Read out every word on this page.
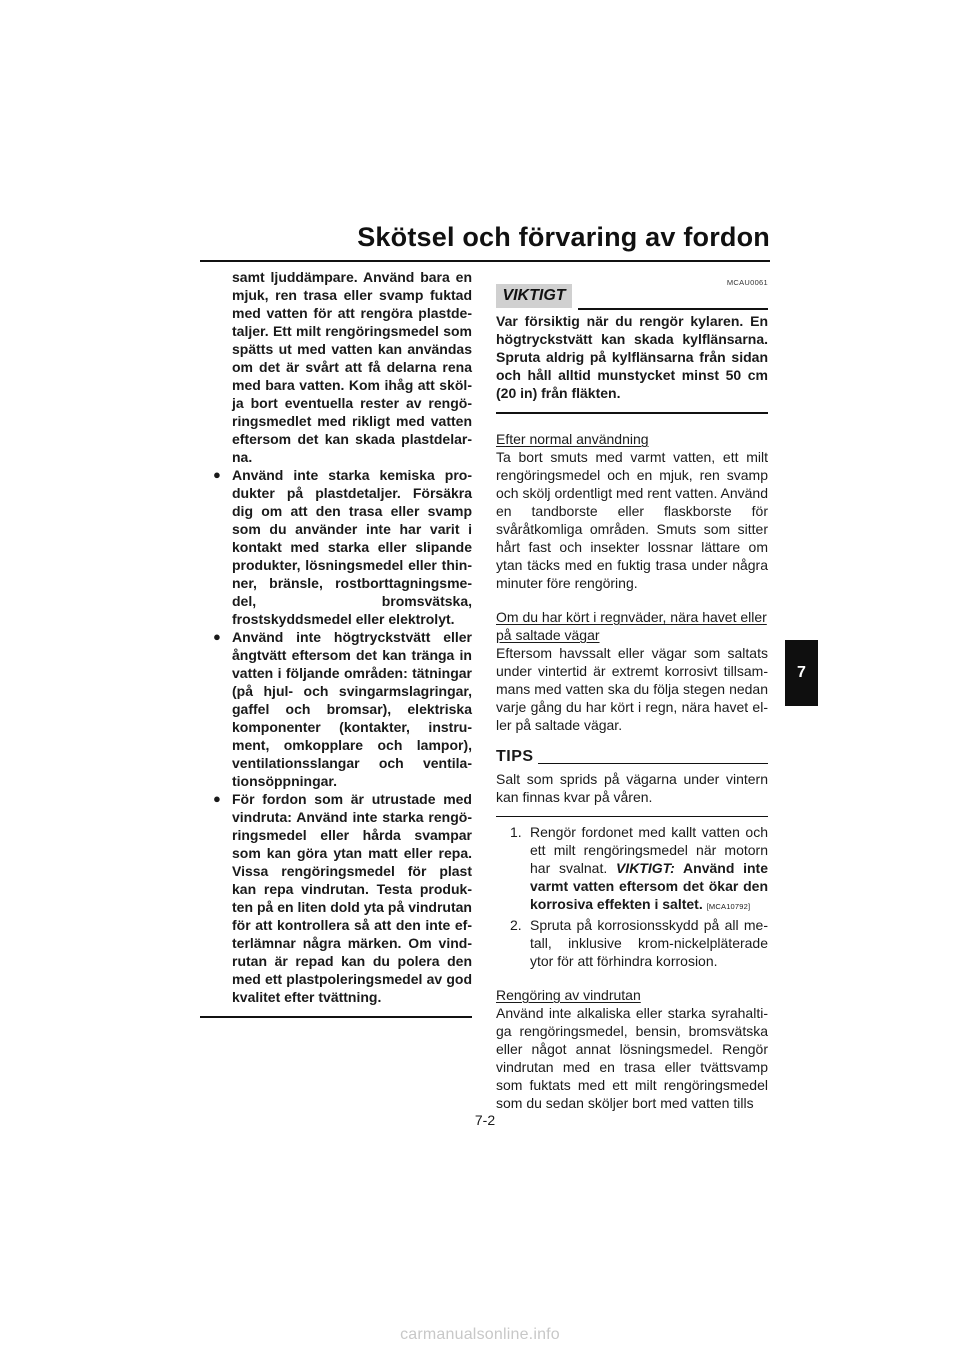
Skötsel och förvaring av fordon

samt ljuddämpare. Använd bara en mjuk, ren trasa eller svamp fuktad med vatten för att rengöra plastdetaljer. Ett milt rengöringsmedel som spätts ut med vatten kan användas om det är svårt att få delarna rena med bara vatten. Kom ihåg att skölja bort eventuella rester av rengöringsmedlet med rikligt med vatten eftersom det kan skada plastdelarna.

● Använd inte starka kemiska produkter på plastdetaljer. Försäkra dig om att den trasa eller svamp som du använder inte har varit i kontakt med starka eller slipande produkter, lösningsmedel eller thinner, bränsle, rostborttagningsmedel, bromsvätska, frostskyddsmedel eller elektrolyt.

● Använd inte högtryckstvätt eller ångtvätt eftersom det kan tränga in vatten i följande områden: tätningar (på hjul- och svingarmslagringar, gaffel och bromsar), elektriska komponenter (kontakter, instrument, omkopplare och lampor), ventilationsslangar och ventilationsöppningar.

● För fordon som är utrustade med vindruta: Använd inte starka rengöringsmedel eller hårda svampar som kan göra ytan matt eller repa. Vissa rengöringsmedel för plast kan repa vindrutan. Testa produkten på en liten dold yta på vindrutan för att kontrollera så att den inte efterlämnar några märken. Om vindrutan är repad kan du polera den med ett plastpoleringsmedel av god kvalitet efter tvättning.

MCAU0061
VIKTIGT

Var försiktig när du rengör kylaren. En högtryckstvätt kan skada kylflänsarna. Spruta aldrig på kylflänsarna från sidan och håll alltid munstycket minst 50 cm (20 in) från fläkten.

Efter normal användning

Ta bort smuts med varmt vatten, ett milt rengöringsmedel och en mjuk, ren svamp och skölj ordentligt med rent vatten. Använd en tandborste eller flaskborste för svåråtkomliga områden. Smuts som sitter hårt fast och insekter lossnar lättare om ytan täcks med en fuktig trasa under några minuter före rengöring.

Om du har kört i regnväder, nära havet eller på saltade vägar

Eftersom havssalt eller vägar som saltats under vintertid är extremt korrosivt tillsammans med vatten ska du följa stegen nedan varje gång du har kört i regn, nära havet eller på saltade vägar.

TIPS

Salt som sprids på vägarna under vintern kan finnas kvar på våren.

1. Rengör fordonet med kallt vatten och ett milt rengöringsmedel när motorn har svalnat. VIKTIGT: Använd inte varmt vatten eftersom det ökar den korrosiva effekten i saltet. [MCA10792]

2. Spruta på korrosionsskydd på all metall, inklusive krom-nickelpläterade ytor för att förhindra korrosion.

Rengöring av vindrutan

Använd inte alkaliska eller starka syrahaltiga rengöringsmedel, bensin, bromsvätska eller något annat lösningsmedel. Rengör vindrutan med en trasa eller tvättsvamp som fuktats med ett milt rengöringsmedel som du sedan sköljer bort med vatten tills

7
7-2
carmanualsonline.info
